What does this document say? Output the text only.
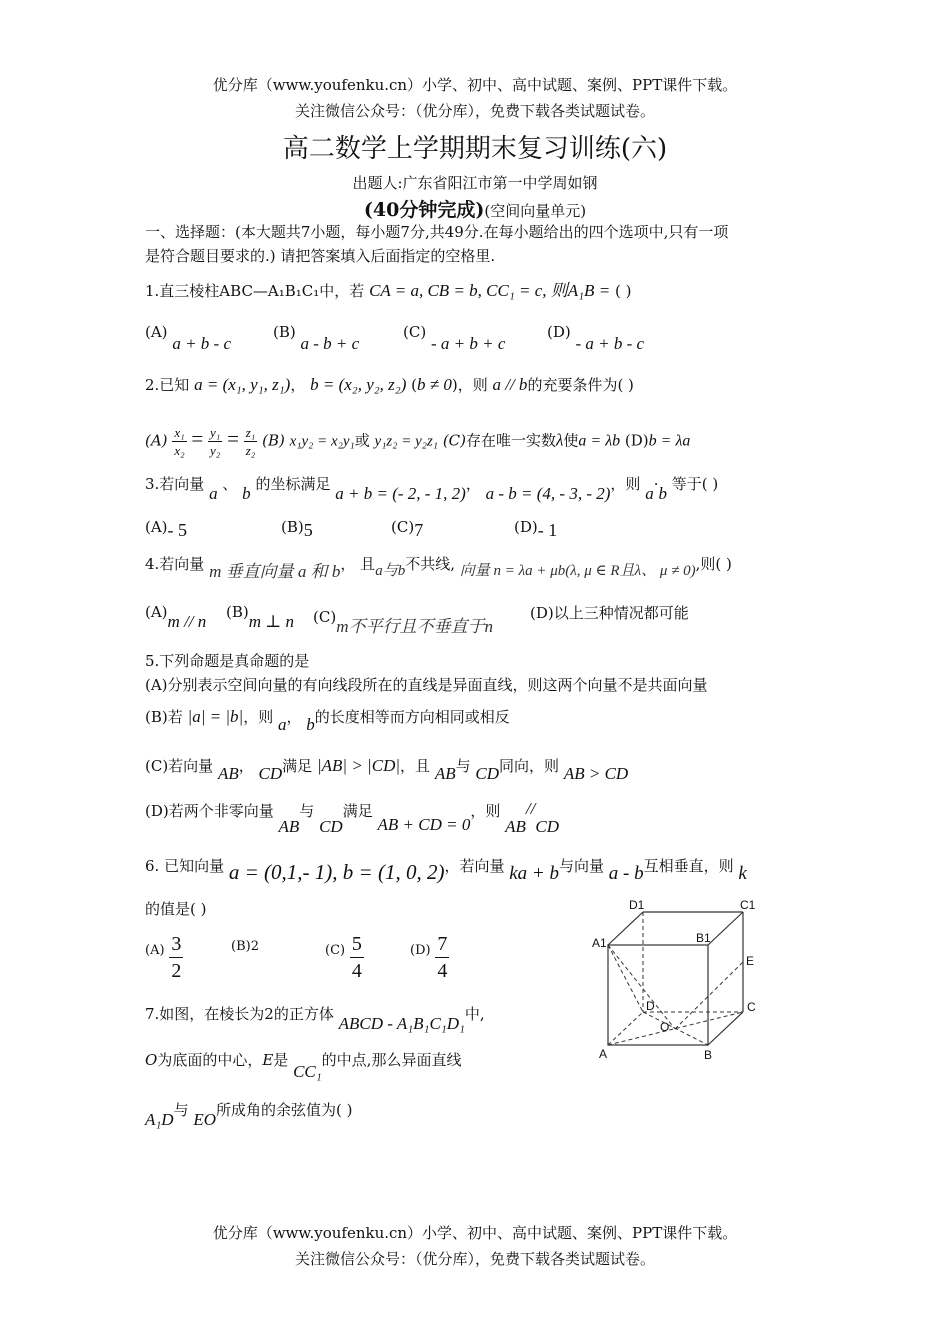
优分库（www.youfenku.cn）小学、初中、高中试题、案例、PPT课件下载。
关注微信公众号：（优分库），免费下载各类试题试卷。
高二数学上学期期末复习训练(六)
出题人:广东省阳江市第一中学周如钢
(40分钟完成)(空间向量单元)
一、选择题：(本大题共7小题，每小题7分,共49分.在每小题给出的四个选项中,只有一项
是符合题目要求的.) 请把答案填入后面指定的空格里.
1.直三棱柱ABC—A₁B₁C₁中，若 CA = a, CB = b, CC₁ = c, 则A₁B = ( )
(A) a + b - c
(B) a - b + c
(C) - a + b + c
(D) - a + b - c
2.已知 a = (x₁, y₁, z₁)， b = (x₂, y₂, z₂) (b ≠ 0)，则 a // b的充要条件为( )
$(A) \frac{\text{x₁}}{\text{x₂}} = \frac{\text{y₁}}{\text{y₂}} = \frac{\text{z₁}}{\text{z₂}} (B) x_1y_2 = x_2y_1$或 y₁z₂ = y₂z₁ (C)存在唯一实数λ使a = λb (D)b = λa
3.若向量 a 、 b 的坐标满足 a + b = (- 2, - 1, 2)， a - b = (4, - 3, - 2)，则 a·b 等于( )
(A)- 5	(B)5	(C)7	(D)- 1
4.若向量 m 垂直向量 a 和 b， 且a与b不共线, 向量 n = λa + μb(λ, μ ∈ R且λ、 μ ≠ 0),则( )
(A)m // n (B)m ⊥ n (C)m不平行且不垂直于n
(D)以上三种情况都可能
5.下列命题是真命题的是
(A)分别表示空间向量的有向线段所在的直线是异面直线，则这两个向量不是共面向量
(B)若 |a| = |b|，则 a， b的长度相等而方向相同或相反
(C)若向量 AB， CD满足 |AB| > |CD|，且 AB与 CD同向，则 AB > CD
(D)若两个非零向量 AB与 CD满足 AB + CD = 0，则 AB//CD
6. 已知向量 a = (0,1,- 1), b = (1, 0, 2)，若向量 ka + b与向量 a - b互相垂直，则 k
的值是( )
$(A) \frac{3}{2}$	(B)2	$(C) \frac{5}{4}$	$(D) \frac{7}{4}$
7.如图，在棱长为2的正方体 ABCD - A₁B₁C₁D₁中,
O为底面的中心，E是 CC₁的中点,那么异面直线
A₁D与 EO所成角的余弦值为( )
D1	C1
A1	B1
E
D	C
O
A	B
优分库（www.youfenku.cn）小学、初中、高中试题、案例、PPT课件下载。
关注微信公众号：（优分库），免费下载各类试题试卷。
